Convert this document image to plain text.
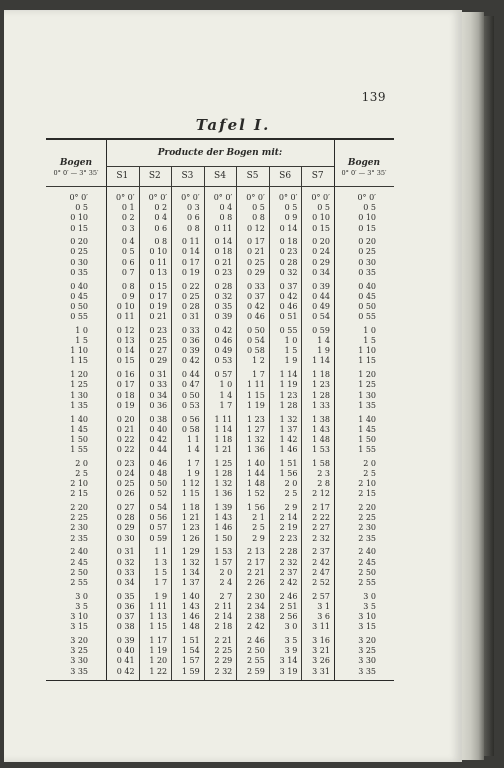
139
Tafel I.
Bogen
0° 0′ — 3° 35′
Producte der Bogen mit:
Bogen
0° 0′ — 3° 35′
S1	S2	S3	S4	S5	S6	S7
0° 0′	0° 0′	0° 0′	0° 0′	0° 0′	0° 0′	0° 0′	0° 0′	0° 0′
0 5	0 1	0 2	0 3	0 4	0 5	0 5	0 5	0 5
0 10	0 2	0 4	0 6	0 8	0 8	0 9	0 10	0 10
0 15	0 3	0 6	0 8	0 11	0 12	0 14	0 15	0 15
0 20	0 4	0 8	0 11	0 14	0 17	0 18	0 20	0 20
0 25	0 5	0 10	0 14	0 18	0 21	0 23	0 24	0 25
0 30	0 6	0 11	0 17	0 21	0 25	0 28	0 29	0 30
0 35	0 7	0 13	0 19	0 23	0 29	0 32	0 34	0 35
0 40	0 8	0 15	0 22	0 28	0 33	0 37	0 39	0 40
0 45	0 9	0 17	0 25	0 32	0 37	0 42	0 44	0 45
0 50	0 10	0 19	0 28	0 35	0 42	0 46	0 49	0 50
0 55	0 11	0 21	0 31	0 39	0 46	0 51	0 54	0 55
1 0	0 12	0 23	0 33	0 42	0 50	0 55	0 59	1 0
1 5	0 13	0 25	0 36	0 46	0 54	1 0	1 4	1 5
1 10	0 14	0 27	0 39	0 49	0 58	1 5	1 9	1 10
1 15	0 15	0 29	0 42	0 53	1 2	1 9	1 14	1 15
1 20	0 16	0 31	0 44	0 57	1 7	1 14	1 18	1 20
1 25	0 17	0 33	0 47	1 0	1 11	1 19	1 23	1 25
1 30	0 18	0 34	0 50	1 4	1 15	1 23	1 28	1 30
1 35	0 19	0 36	0 53	1 7	1 19	1 28	1 33	1 35
1 40	0 20	0 38	0 56	1 11	1 23	1 32	1 38	1 40
1 45	0 21	0 40	0 58	1 14	1 27	1 37	1 43	1 45
1 50	0 22	0 42	1 1	1 18	1 32	1 42	1 48	1 50
1 55	0 22	0 44	1 4	1 21	1 36	1 46	1 53	1 55
2 0	0 23	0 46	1 7	1 25	1 40	1 51	1 58	2 0
2 5	0 24	0 48	1 9	1 28	1 44	1 56	2 3	2 5
2 10	0 25	0 50	1 12	1 32	1 48	2 0	2 8	2 10
2 15	0 26	0 52	1 15	1 36	1 52	2 5	2 12	2 15
2 20	0 27	0 54	1 18	1 39	1 56	2 9	2 17	2 20
2 25	0 28	0 56	1 21	1 43	2 1	2 14	2 22	2 25
2 30	0 29	0 57	1 23	1 46	2 5	2 19	2 27	2 30
2 35	0 30	0 59	1 26	1 50	2 9	2 23	2 32	2 35
2 40	0 31	1 1	1 29	1 53	2 13	2 28	2 37	2 40
2 45	0 32	1 3	1 32	1 57	2 17	2 32	2 42	2 45
2 50	0 33	1 5	1 34	2 0	2 21	2 37	2 47	2 50
2 55	0 34	1 7	1 37	2 4	2 26	2 42	2 52	2 55
3 0	0 35	1 9	1 40	2 7	2 30	2 46	2 57	3 0
3 5	0 36	1 11	1 43	2 11	2 34	2 51	3 1	3 5
3 10	0 37	1 13	1 46	2 14	2 38	2 56	3 6	3 10
3 15	0 38	1 15	1 48	2 18	2 42	3 0	3 11	3 15
3 20	0 39	1 17	1 51	2 21	2 46	3 5	3 16	3 20
3 25	0 40	1 19	1 54	2 25	2 50	3 9	3 21	3 25
3 30	0 41	1 20	1 57	2 29	2 55	3 14	3 26	3 30
3 35	0 42	1 22	1 59	2 32	2 59	3 19	3 31	3 35
